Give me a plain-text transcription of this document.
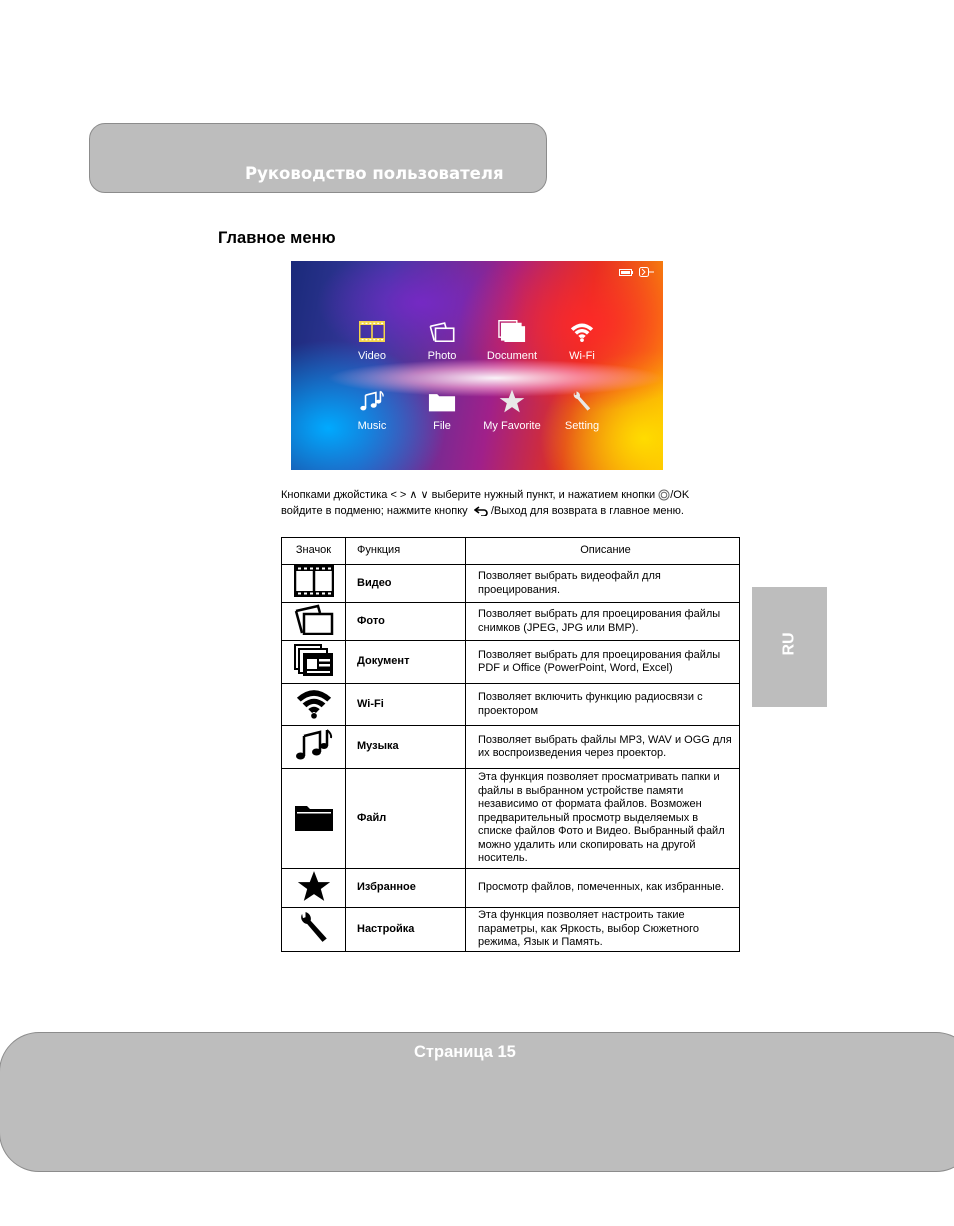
Руководство пользователя
Главное меню
Video	Photo	Document	Wi-Fi
Music	File	My Favorite	Setting
Кнопками джойстика < > ∧ ∨ выберите нужный пункт, и нажатием кнопки /OK
войдите в подменю; нажмите кнопку /Выход для возврата в главное меню.
Значок	Функция	Описание
	Видео	Позволяет выбрать видеофайл для проецирования.
	Фото	Позволяет выбрать для проецирования файлы снимков (JPEG, JPG или BMP).
	Документ	Позволяет выбрать для проецирования файлы PDF и Office (PowerPoint, Word, Excel)
	Wi-Fi	Позволяет включить функцию радиосвязи с проектором
	Музыка	Позволяет выбрать файлы MP3, WAV и OGG для их воспроизведения через проектор.
	Файл	Эта функция позволяет просматривать папки и файлы в выбранном устройстве памяти независимо от формата файлов. Возможен предварительный просмотр выделяемых в списке файлов Фото и Видео. Выбранный файл можно удалить или скопировать на другой носитель.
	Избранное	Просмотр файлов, помеченных, как избранные.
	Настройка	Эта функция позволяет настроить такие параметры, как Яркость, выбор Сюжетного режима, Язык и Память.
RU
Страница 15
